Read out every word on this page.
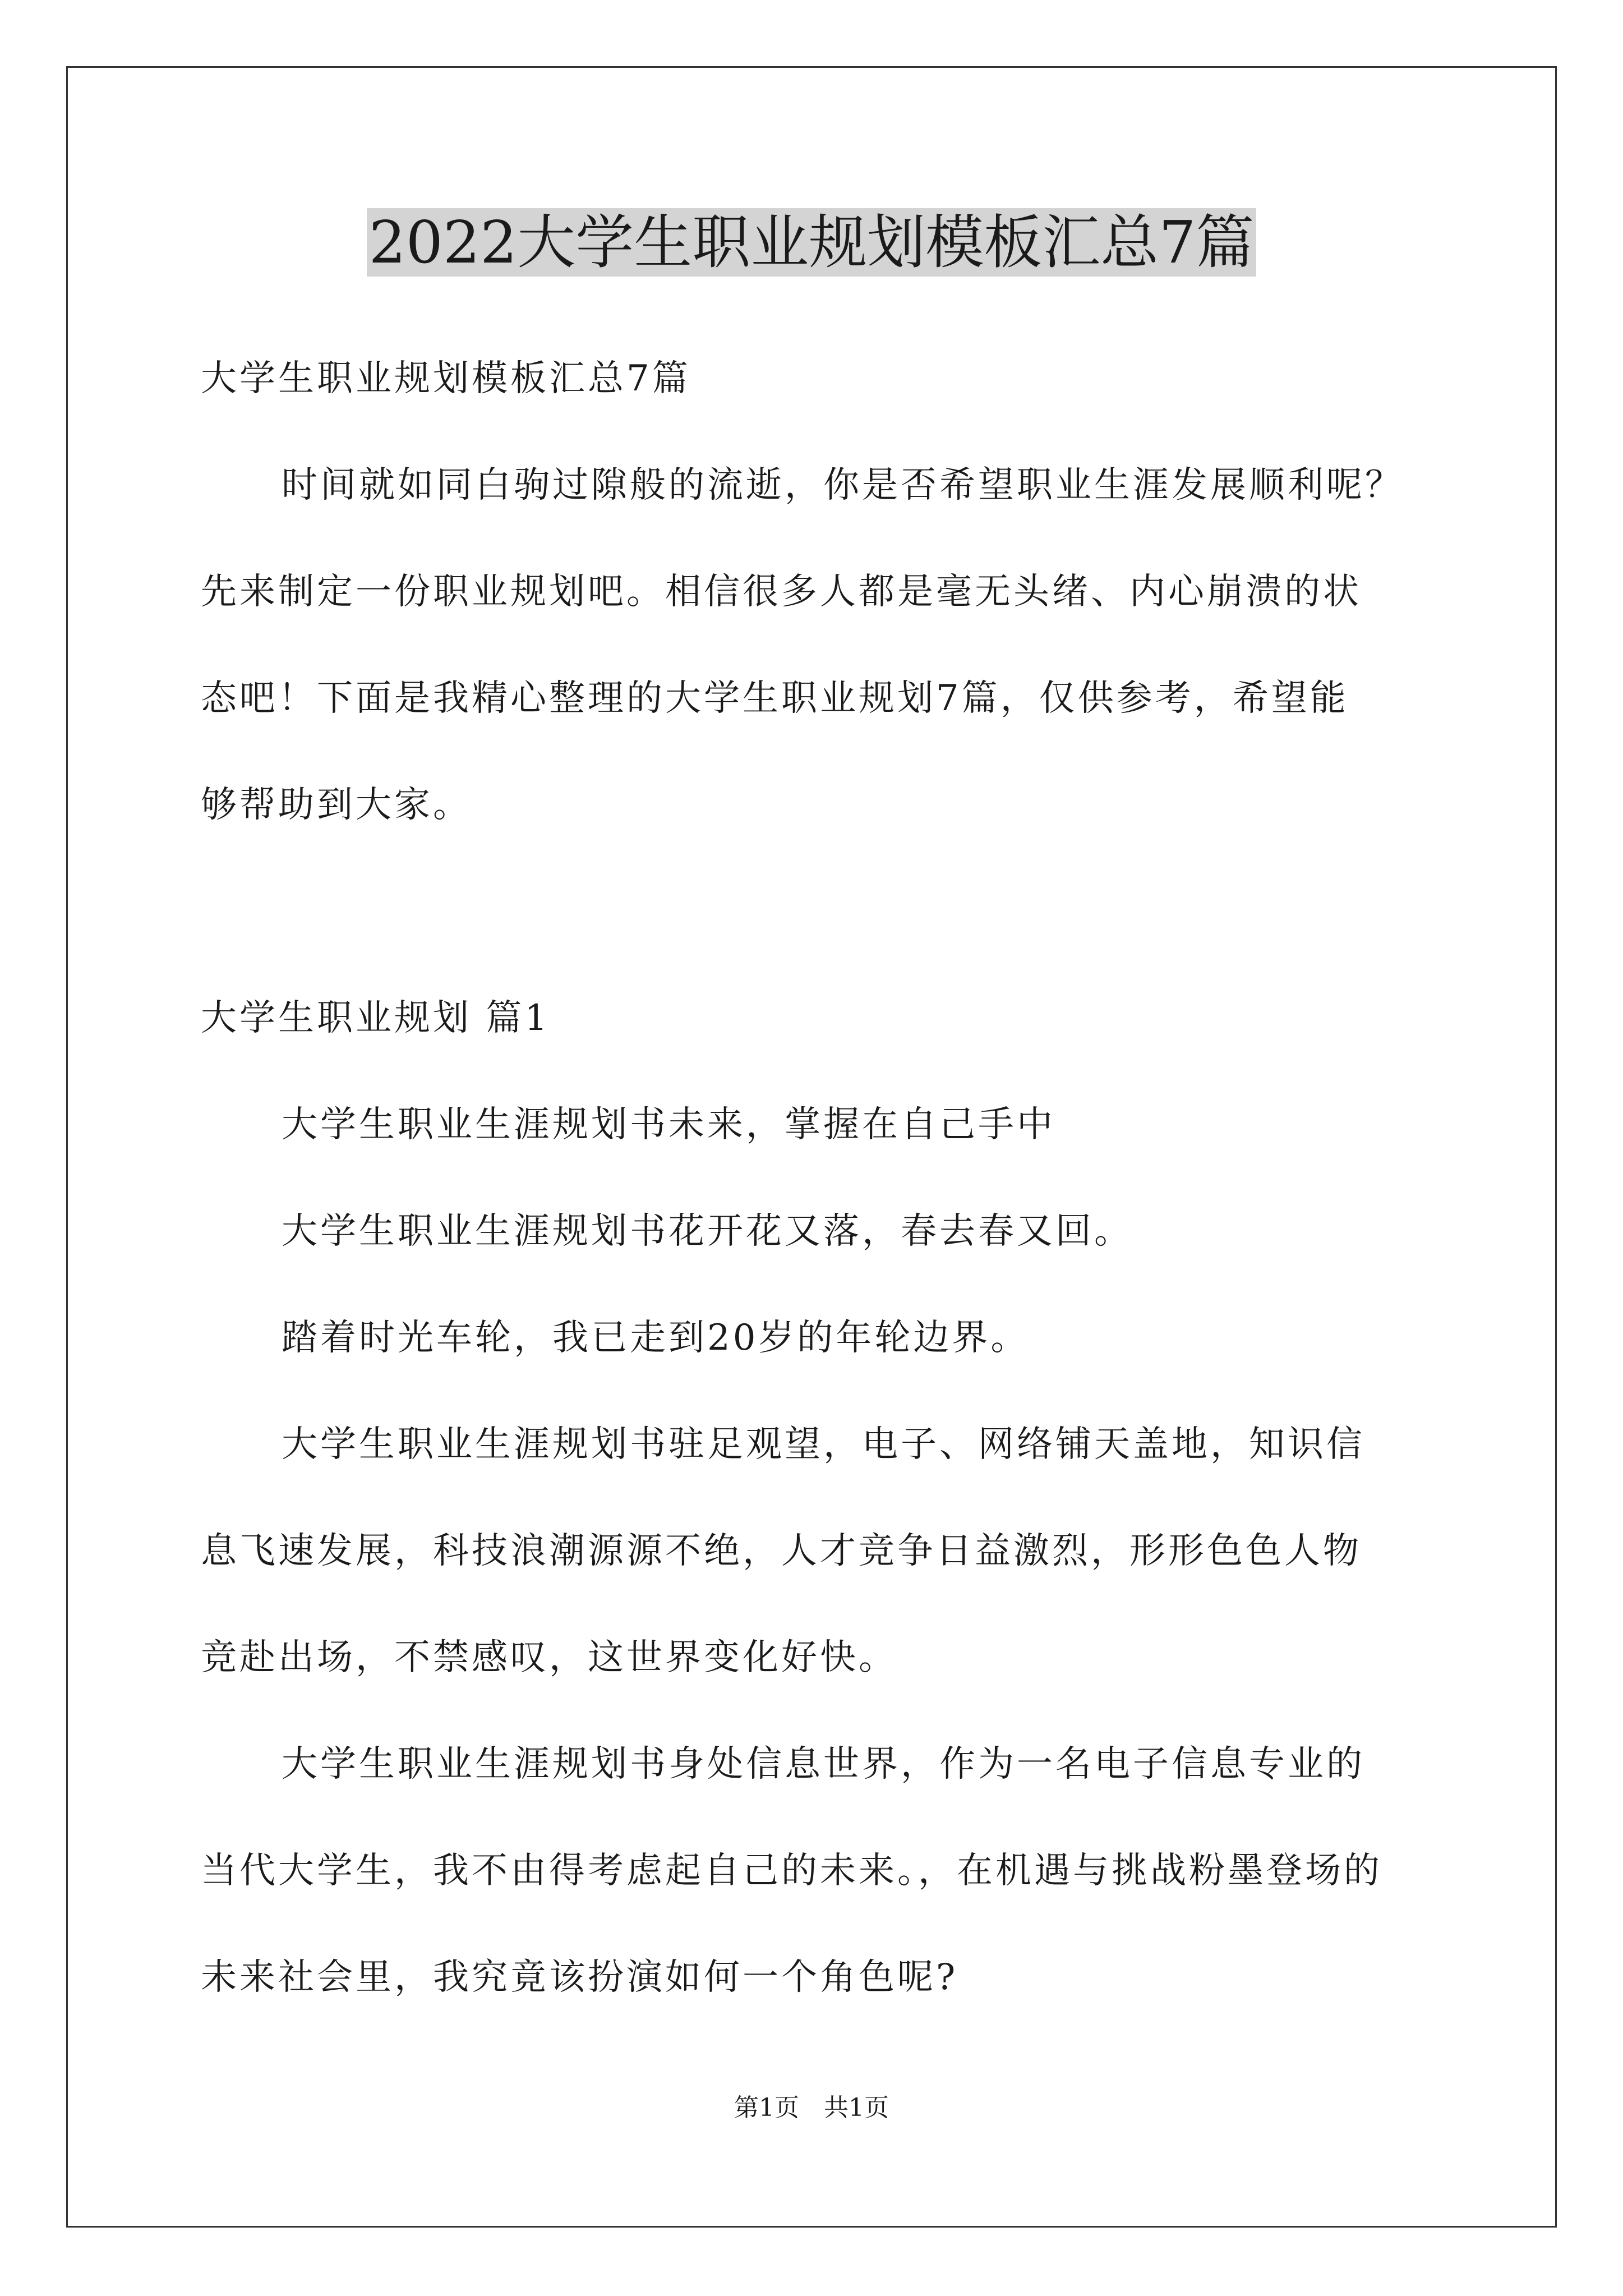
2022大学生职业规划模板汇总7篇

大学生职业规划模板汇总7篇

时间就如同白驹过隙般的流逝，你是否希望职业生涯发展顺利呢？

先来制定一份职业规划吧。相信很多人都是毫无头绪、内心崩溃的状

态吧！下面是我精心整理的大学生职业规划7篇，仅供参考，希望能

够帮助到大家。

大学生职业规划 篇1

大学生职业生涯规划书未来，掌握在自己手中

大学生职业生涯规划书花开花又落，春去春又回。

踏着时光车轮，我已走到20岁的年轮边界。

大学生职业生涯规划书驻足观望，电子、网络铺天盖地，知识信

息飞速发展，科技浪潮源源不绝，人才竞争日益激烈，形形色色人物

竞赴出场，不禁感叹，这世界变化好快。

大学生职业生涯规划书身处信息世界，作为一名电子信息专业的

当代大学生，我不由得考虑起自己的未来。，在机遇与挑战粉墨登场的

未来社会里，我究竟该扮演如何一个角色呢?

第1页　共1页
